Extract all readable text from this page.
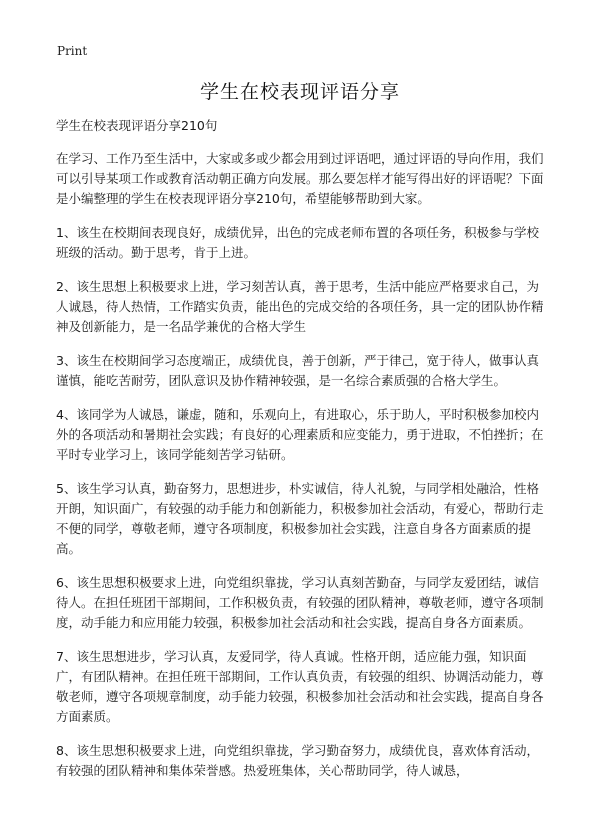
Print
学生在校表现评语分享

学生在校表现评语分享210句

在学习、工作乃至生活中，大家或多或少都会用到过评语吧，通过评语的导向作用，我们可以引导某项工作或教育活动朝正确方向发展。那么要怎样才能写得出好的评语呢？下面是小编整理的学生在校表现评语分享210句，希望能够帮助到大家。

1、该生在校期间表现良好，成绩优异，出色的完成老师布置的各项任务，积极参与学校班级的活动。勤于思考，肯于上进。

2、该生思想上积极要求上进，学习刻苦认真，善于思考，生活中能应严格要求自己，为人诚恳，待人热情，工作踏实负责，能出色的完成交给的各项任务，具一定的团队协作精神及创新能力，是一名品学兼优的合格大学生

3、该生在校期间学习态度端正，成绩优良，善于创新，严于律己，宽于待人，做事认真谨慎，能吃苦耐劳，团队意识及协作精神较强，是一名综合素质强的合格大学生。

4、该同学为人诚恳，谦虚，随和，乐观向上，有进取心，乐于助人，平时积极参加校内外的各项活动和暑期社会实践；有良好的心理素质和应变能力，勇于进取，不怕挫折；在平时专业学习上，该同学能刻苦学习钻研。

5、该生学习认真，勤奋努力，思想进步，朴实诚信，待人礼貌，与同学相处融洽，性格开朗，知识面广，有较强的动手能力和创新能力，积极参加社会活动，有爱心，帮助行走不便的同学，尊敬老师，遵守各项制度，积极参加社会实践，注意自身各方面素质的提高。

6、该生思想积极要求上进，向党组织靠拢，学习认真刻苦勤奋，与同学友爱团结，诚信待人。在担任班团干部期间，工作积极负责，有较强的团队精神，尊敬老师，遵守各项制度，动手能力和应用能力较强，积极参加社会活动和社会实践，提高自身各方面素质。

7、该生思想进步，学习认真，友爱同学，待人真诚。性格开朗，适应能力强，知识面广，有团队精神。在担任班干部期间，工作认真负责，有较强的组织、协调活动能力，尊敬老师，遵守各项规章制度，动手能力较强，积极参加社会活动和社会实践，提高自身各方面素质。

8、该生思想积极要求上进，向党组织靠拢，学习勤奋努力，成绩优良，喜欢体育活动，有较强的团队精神和集体荣誉感。热爱班集体，关心帮助同学，待人诚恳，
